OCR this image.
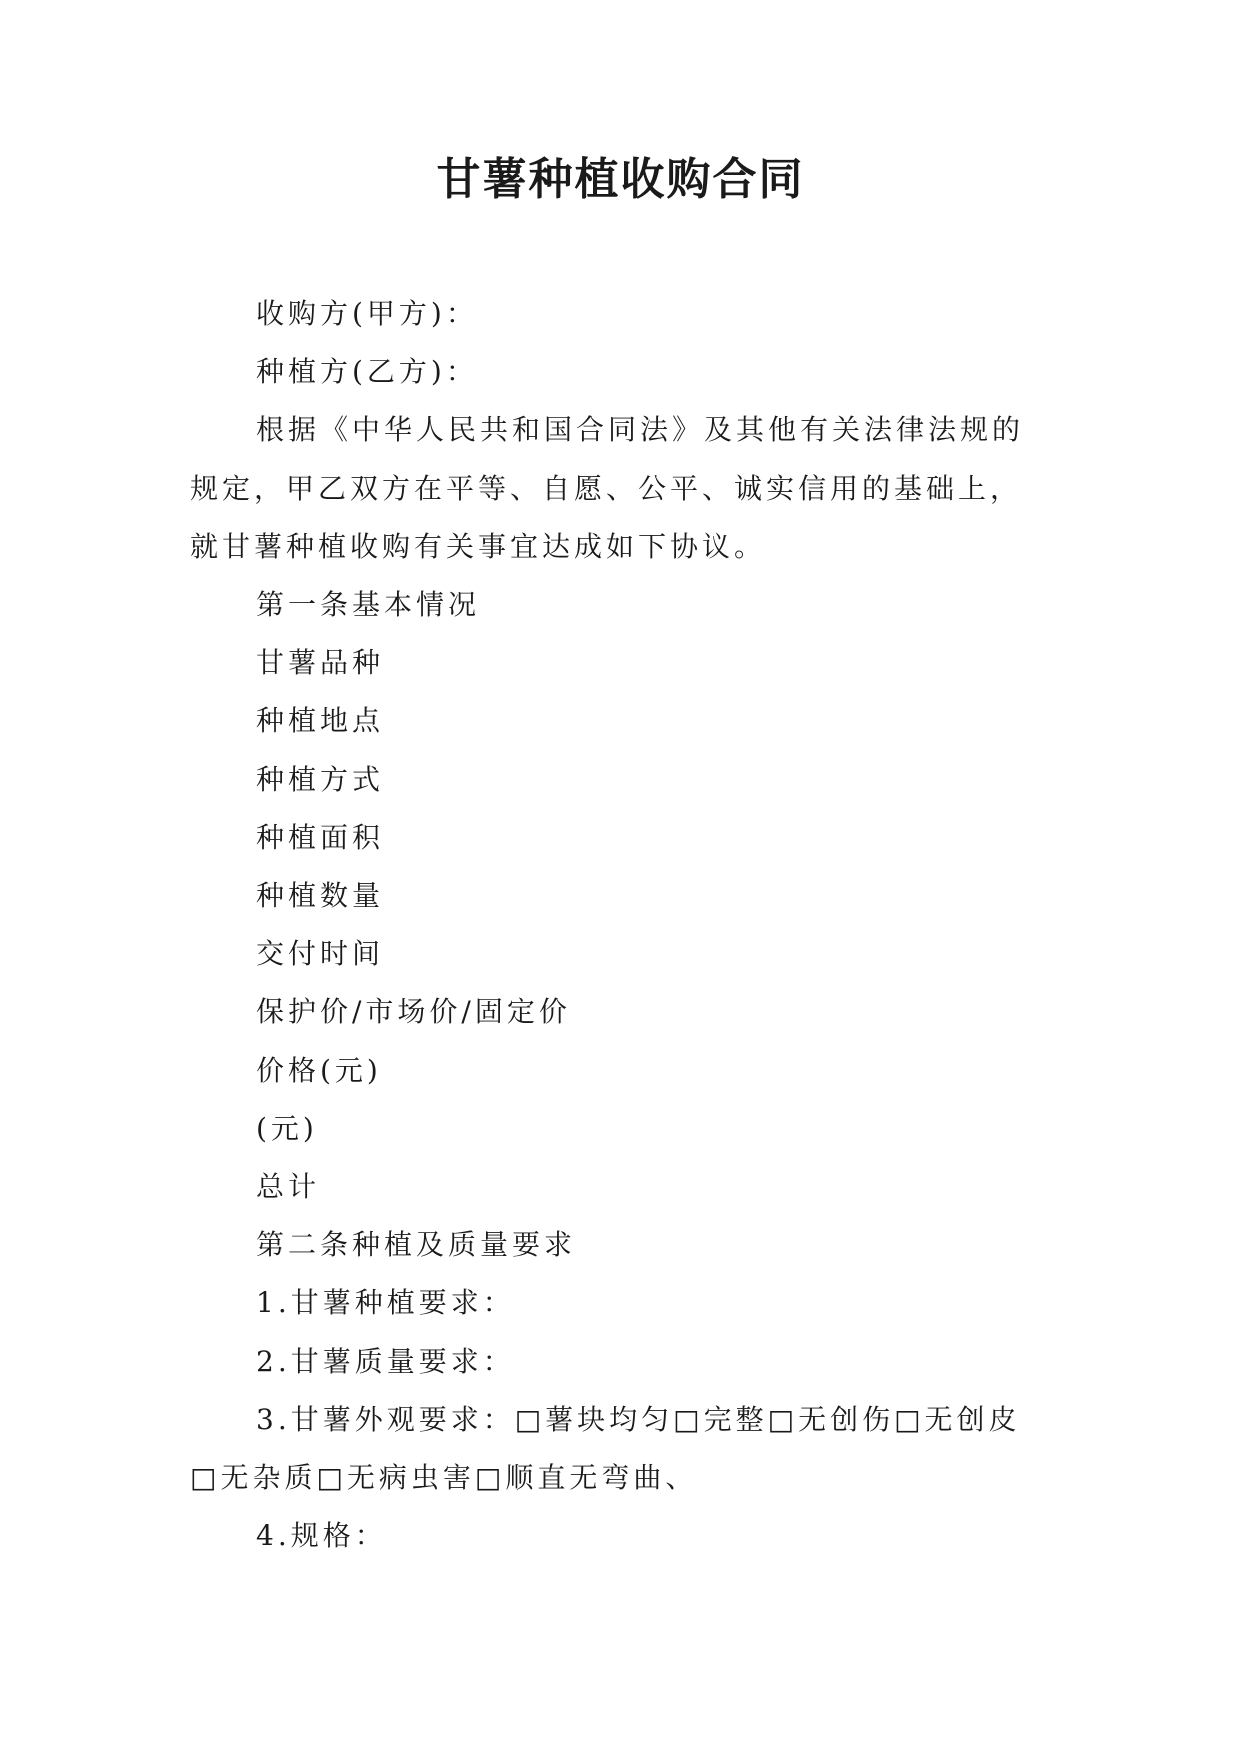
甘薯种植收购合同

收购方(甲方)：

种植方(乙方)：

根据《中华人民共和国合同法》及其他有关法律法规的规定，甲乙双方在平等、自愿、公平、诚实信用的基础上，就甘薯种植收购有关事宜达成如下协议。

第一条基本情况

甘薯品种

种植地点

种植方式

种植面积

种植数量

交付时间

保护价/市场价/固定价

价格(元)

(元)

总计

第二条种植及质量要求

1.甘薯种植要求：

2.甘薯质量要求：

3.甘薯外观要求：□薯块均匀□完整□无创伤□无创皮□无杂质□无病虫害□顺直无弯曲、

4.规格：
